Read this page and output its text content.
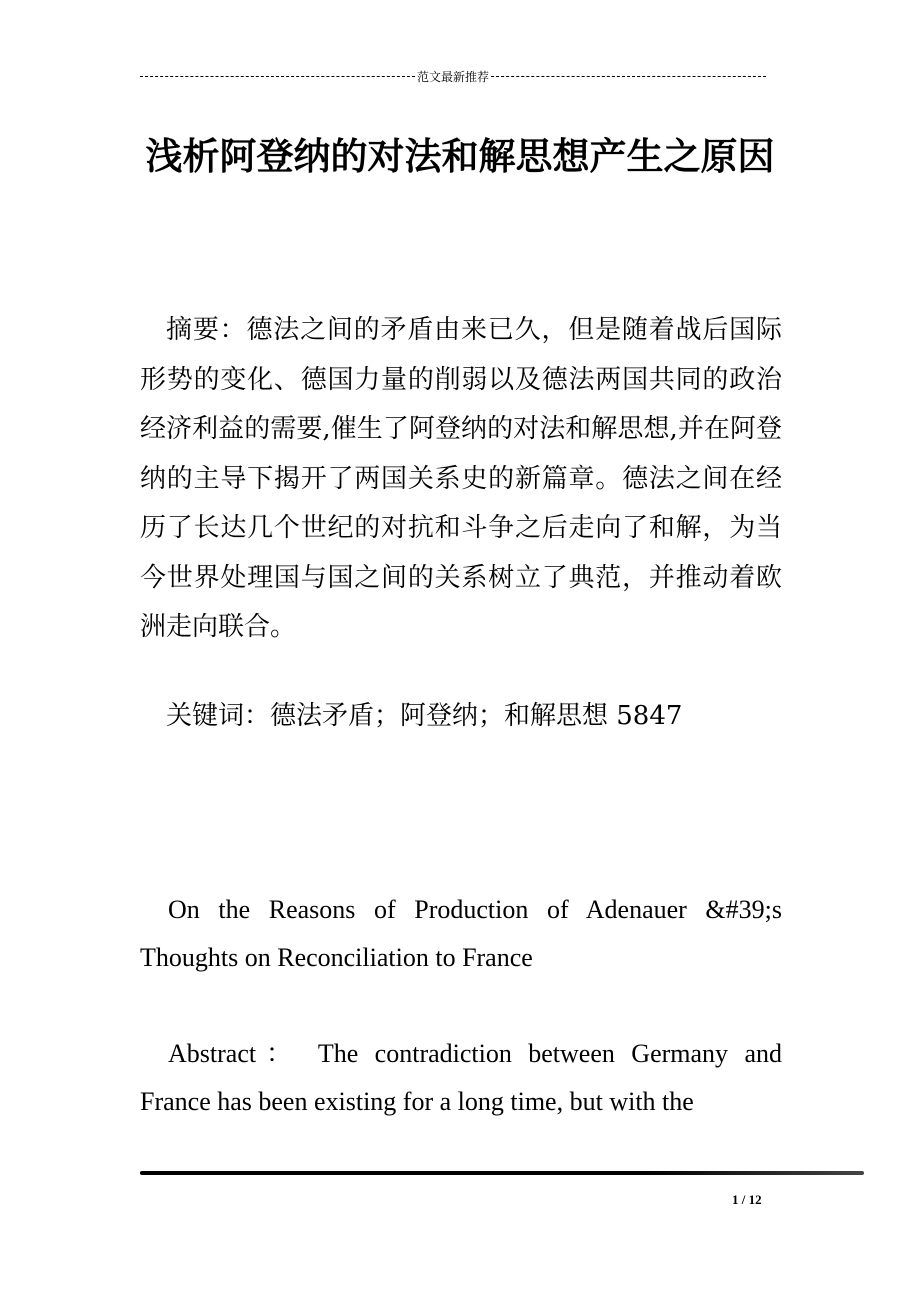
范文最新推荐
浅析阿登纳的对法和解思想产生之原因
摘要：德法之间的矛盾由来已久，但是随着战后国际形势的变化、德国力量的削弱以及德法两国共同的政治经济利益的需要,催生了阿登纳的对法和解思想,并在阿登纳的主导下揭开了两国关系史的新篇章。德法之间在经历了长达几个世纪的对抗和斗争之后走向了和解，为当今世界处理国与国之间的关系树立了典范，并推动着欧洲走向联合。
关键词：德法矛盾；阿登纳；和解思想 5847
On the Reasons of Production of Adenauer &#39;s Thoughts on Reconciliation to France
Abstract： The contradiction between Germany and France has been existing for a long time, but with the
1 / 12
